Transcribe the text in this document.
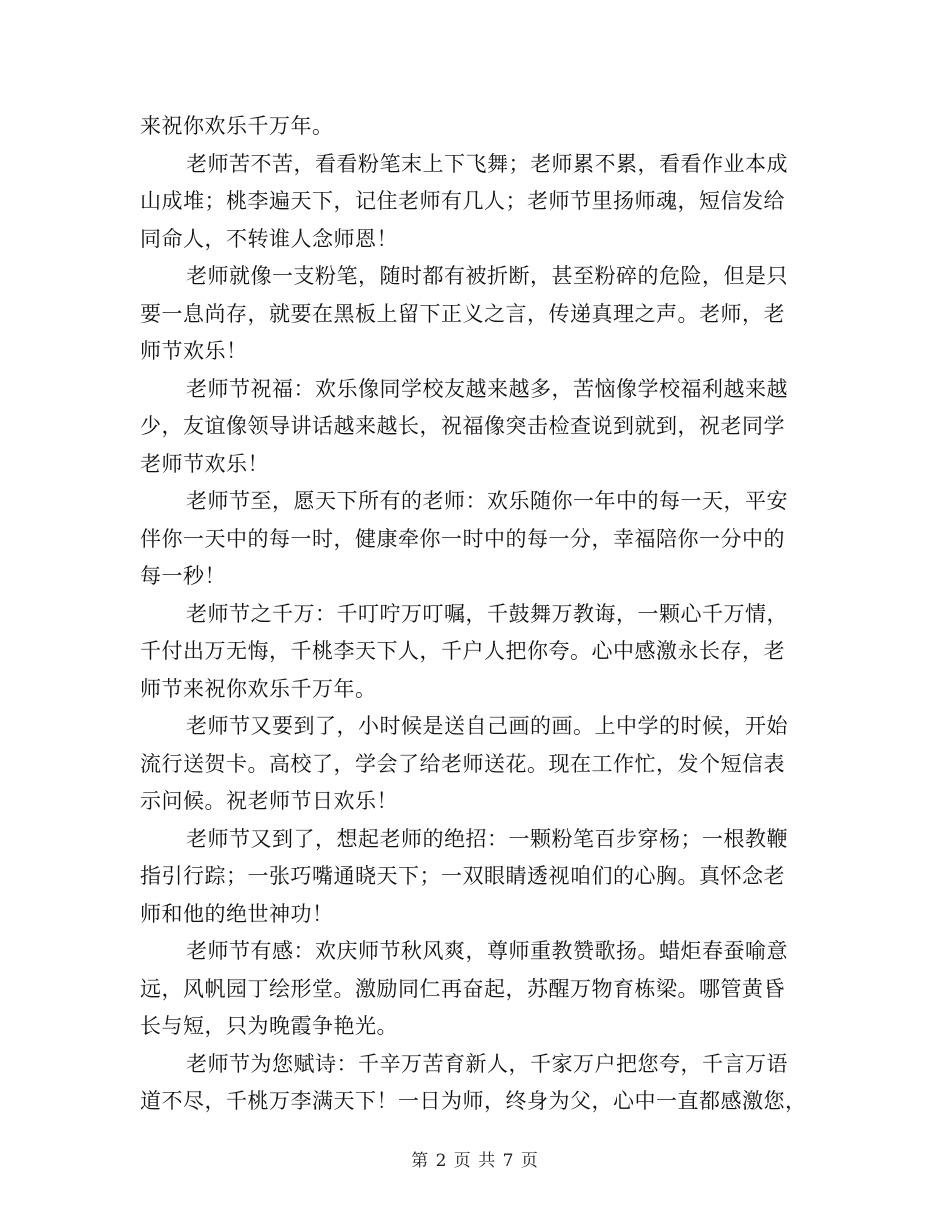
来祝你欢乐千万年。
老师苦不苦，看看粉笔末上下飞舞；老师累不累，看看作业本成
山成堆；桃李遍天下，记住老师有几人；老师节里扬师魂，短信发给
同命人，不转谁人念师恩！
老师就像一支粉笔，随时都有被折断，甚至粉碎的危险，但是只
要一息尚存，就要在黑板上留下正义之言，传递真理之声。老师，老
师节欢乐！
老师节祝福：欢乐像同学校友越来越多，苦恼像学校福利越来越
少，友谊像领导讲话越来越长，祝福像突击检查说到就到，祝老同学
老师节欢乐！
老师节至，愿天下所有的老师：欢乐随你一年中的每一天，平安
伴你一天中的每一时，健康牵你一时中的每一分，幸福陪你一分中的
每一秒！
老师节之千万：千叮咛万叮嘱，千鼓舞万教诲，一颗心千万情，
千付出万无悔，千桃李天下人，千户人把你夸。心中感激永长存，老
师节来祝你欢乐千万年。
老师节又要到了，小时候是送自己画的画。上中学的时候，开始
流行送贺卡。高校了，学会了给老师送花。现在工作忙，发个短信表
示问候。祝老师节日欢乐！
老师节又到了，想起老师的绝招：一颗粉笔百步穿杨；一根教鞭
指引行踪；一张巧嘴通晓天下；一双眼睛透视咱们的心胸。真怀念老
师和他的绝世神功！
老师节有感：欢庆师节秋风爽，尊师重教赞歌扬。蜡炬春蚕喻意
远，风帆园丁绘形堂。激励同仁再奋起，苏醒万物育栋梁。哪管黄昏
长与短，只为晚霞争艳光。
老师节为您赋诗：千辛万苦育新人，千家万户把您夸，千言万语
道不尽，千桃万李满天下！一日为师，终身为父，心中一直都感激您，
第 2 页 共 7 页
